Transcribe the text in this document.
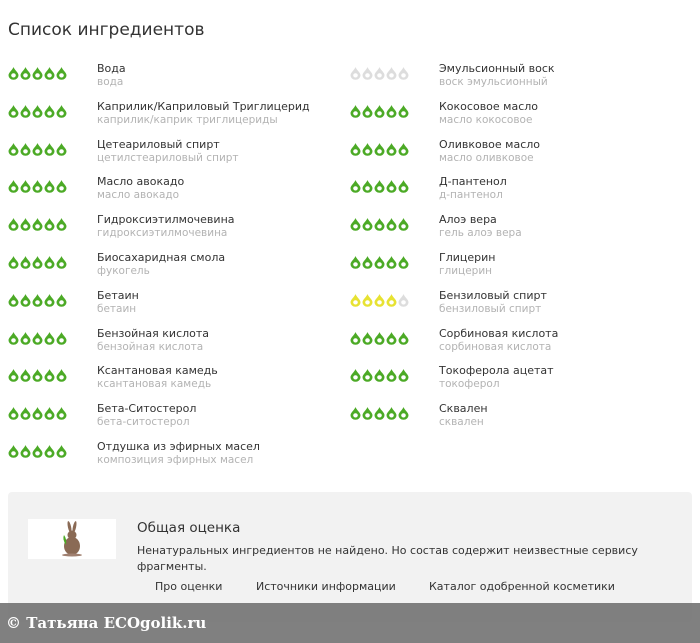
Список ингредиентов
Вода
вода
Каприлик/Каприловый Триглицерид
каприлик/каприк триглицериды
Цетеариловый спирт
цетилстеариловый спирт
Масло авокадо
масло авокадо
Гидроксиэтилмочевина
гидроксиэтилмочевина
Биосахаридная смола
фукогель
Бетаин
бетаин
Бензойная кислота
бензойная кислота
Ксантановая камедь
ксантановая камедь
Бета-Ситостерол
бета-ситостерол
Отдушка из эфирных масел
композиция эфирных масел
Эмульсионный воск
воск эмульсионный
Кокосовое масло
масло кокосовое
Оливковое масло
масло оливковое
Д-пантенол
д-пантенол
Алоэ вера
гель алоэ вера
Глицерин
глицерин
Бензиловый спирт
бензиловый спирт
Сорбиновая кислота
сорбиновая кислота
Токоферола ацетат
токоферол
Сквален
сквален
Общая оценка
Ненатуральных ингредиентов не найдено. Но состав содержит неизвестные сервису фрагменты.
Про оценки	Источники информации	Каталог одобренной косметики
© Татьяна ECOgolik.ru
